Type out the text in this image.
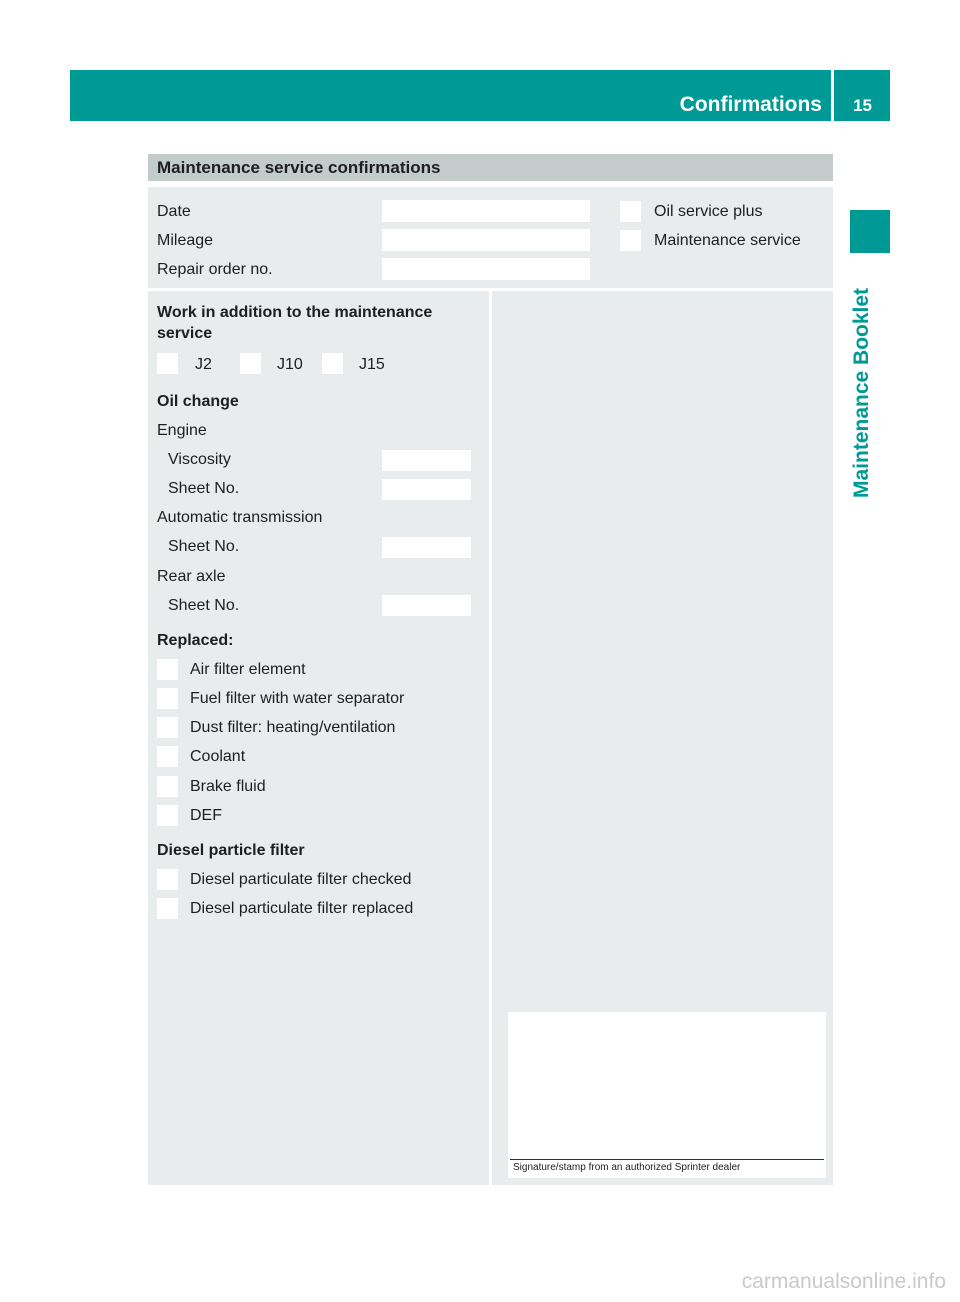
Confirmations 15
Maintenance Booklet
Maintenance service confirmations
Date
Mileage
Repair order no.
Oil service plus
Maintenance service
Work in addition to the maintenance
service
J2	J10	J15
Oil change
Engine
Viscosity
Sheet No.
Automatic transmission
Sheet No.
Rear axle
Sheet No.
Replaced:
Air filter element
Fuel filter with water separator
Dust filter: heating/ventilation
Coolant
Brake fluid
DEF
Diesel particle filter
Diesel particulate filter checked
Diesel particulate filter replaced
Signature/stamp from an authorized Sprinter dealer
carmanualsonline.info
